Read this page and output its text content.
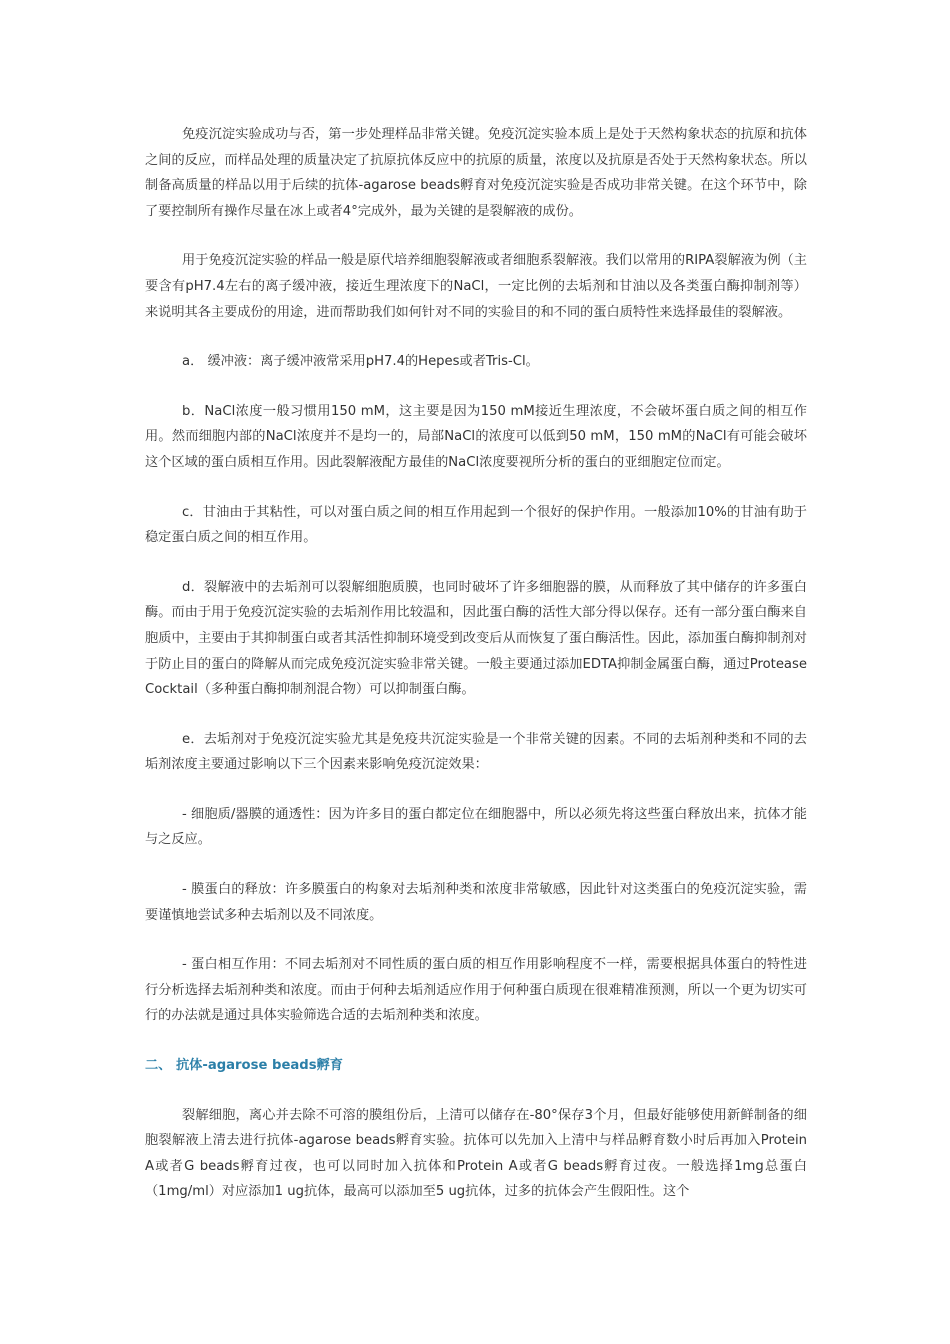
免疫沉淀实验成功与否，第一步处理样品非常关键。免疫沉淀实验本质上是处于天然构象状态的抗原和抗体之间的反应，而样品处理的质量决定了抗原抗体反应中的抗原的质量，浓度以及抗原是否处于天然构象状态。所以制备高质量的样品以用于后续的抗体-agarose beads孵育对免疫沉淀实验是否成功非常关键。在这个环节中，除了要控制所有操作尽量在冰上或者4°完成外，最为关键的是裂解液的成份。

用于免疫沉淀实验的样品一般是原代培养细胞裂解液或者细胞系裂解液。我们以常用的RIPA裂解液为例（主要含有pH7.4左右的离子缓冲液，接近生理浓度下的NaCl，一定比例的去垢剂和甘油以及各类蛋白酶抑制剂等）来说明其各主要成份的用途，进而帮助我们如何针对不同的实验目的和不同的蛋白质特性来选择最佳的裂解液。

a． 缓冲液：离子缓冲液常采用pH7.4的Hepes或者Tris-Cl。

b．NaCl浓度一般习惯用150 mM，这主要是因为150 mM接近生理浓度，不会破坏蛋白质之间的相互作用。然而细胞内部的NaCl浓度并不是均一的，局部NaCl的浓度可以低到50 mM，150 mM的NaCl有可能会破坏这个区域的蛋白质相互作用。因此裂解液配方最佳的NaCl浓度要视所分析的蛋白的亚细胞定位而定。

c．甘油由于其粘性，可以对蛋白质之间的相互作用起到一个很好的保护作用。一般添加10%的甘油有助于稳定蛋白质之间的相互作用。

d．裂解液中的去垢剂可以裂解细胞质膜，也同时破坏了许多细胞器的膜，从而释放了其中储存的许多蛋白酶。而由于用于免疫沉淀实验的去垢剂作用比较温和，因此蛋白酶的活性大部分得以保存。还有一部分蛋白酶来自胞质中，主要由于其抑制蛋白或者其活性抑制环境受到改变后从而恢复了蛋白酶活性。因此，添加蛋白酶抑制剂对于防止目的蛋白的降解从而完成免疫沉淀实验非常关键。一般主要通过添加EDTA抑制金属蛋白酶，通过Protease Cocktail（多种蛋白酶抑制剂混合物）可以抑制蛋白酶。

e．去垢剂对于免疫沉淀实验尤其是免疫共沉淀实验是一个非常关键的因素。不同的去垢剂种类和不同的去垢剂浓度主要通过影响以下三个因素来影响免疫沉淀效果：

- 细胞质/器膜的通透性：因为许多目的蛋白都定位在细胞器中，所以必须先将这些蛋白释放出来，抗体才能与之反应。

- 膜蛋白的释放：许多膜蛋白的构象对去垢剂种类和浓度非常敏感，因此针对这类蛋白的免疫沉淀实验，需要谨慎地尝试多种去垢剂以及不同浓度。

- 蛋白相互作用：不同去垢剂对不同性质的蛋白质的相互作用影响程度不一样，需要根据具体蛋白的特性进行分析选择去垢剂种类和浓度。而由于何种去垢剂适应作用于何种蛋白质现在很难精准预测，所以一个更为切实可行的办法就是通过具体实验筛选合适的去垢剂种类和浓度。

二、 抗体-agarose beads孵育

裂解细胞，离心并去除不可溶的膜组份后，上清可以储存在-80°保存3个月，但最好能够使用新鲜制备的细胞裂解液上清去进行抗体-agarose beads孵育实验。抗体可以先加入上清中与样品孵育数小时后再加入Protein A或者G beads孵育过夜，也可以同时加入抗体和Protein A或者G beads孵育过夜。一般选择1mg总蛋白（1mg/ml）对应添加1 ug抗体，最高可以添加至5 ug抗体，过多的抗体会产生假阳性。这个
